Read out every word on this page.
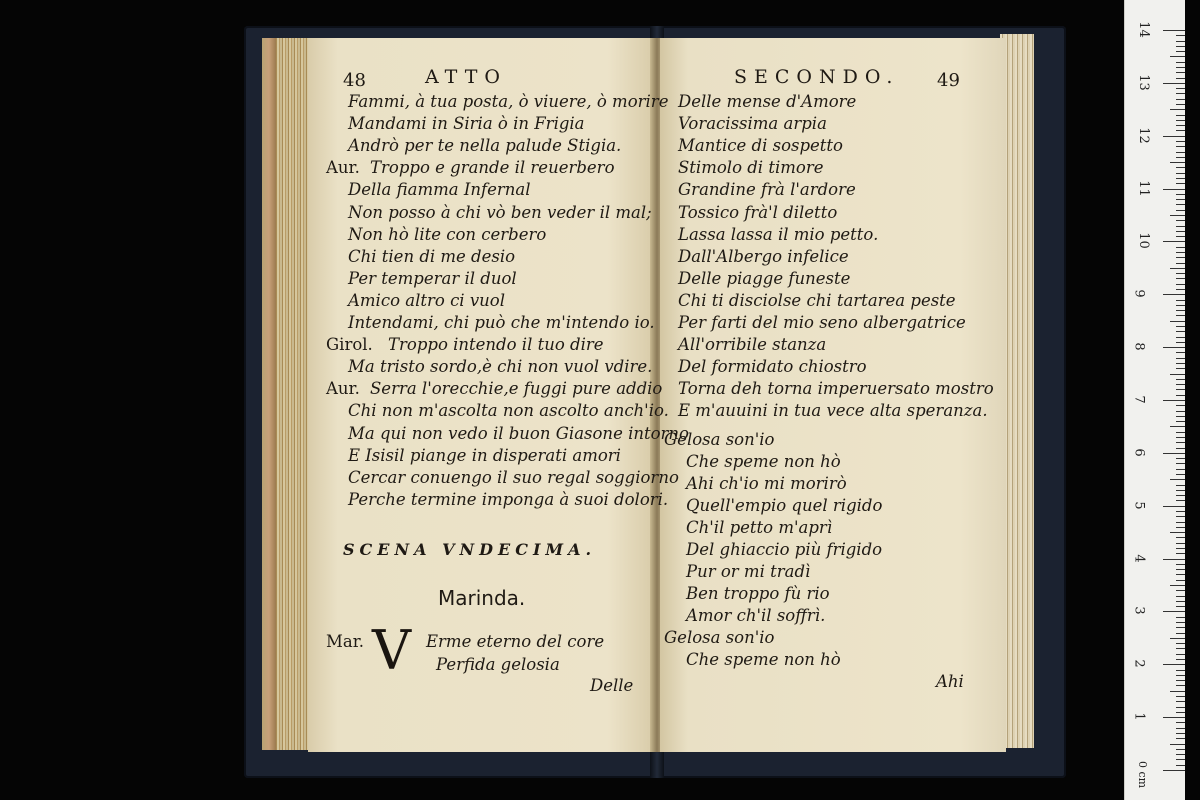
48	ATTO
Fammi, à tua posta, ò viuere, ò morire
Mandami in Siria ò in Frigia
Andrò per te nella palude Stigia.
Aur. Troppo e grande il reuerbero
Della fiamma Infernal
Non posso à chi vò ben veder il mal;
Non hò lite con cerbero
Chi tien di me desio
Per temperar il duol
Amico altro ci vuol
Intendami, chi può che m'intendo io.
Girol. Troppo intendo il tuo dire
Ma tristo sordo,è chi non vuol vdire.
Aur. Serra l'orecchie,e fuggi pure addio
Chi non m'ascolta non ascolto anch'io.
Ma qui non vedo il buon Giasone intorno
E Isisil piange in disperati amori
Cercar conuengo il suo regal soggiorno
Perche termine imponga à suoi dolori.
SECONDO. 49
Delle mense d'Amore
Voracissima arpia
Mantice di sospetto
Stimolo di timore
Grandine frà l'ardore
Tossico frà'l diletto
Lassa lassa il mio petto.
Dall'Albergo infelice
Delle piagge funeste
Chi ti disciolse chi tartarea peste
Per farti del mio seno albergatrice
All'orribile stanza
Del formidato chiostro
Torna deh torna imperuersato mostro
E m'auuini in tua vece alta speranza.
Che speme non hò
Ahi ch'io mi morirò
Quell'empio quel rigido
Ch'il petto m'aprì
Del ghiaccio più frigido
Pur or mi tradì
Ben troppo fù rio
Amor ch'il soffrì.
SCENA VNDECIMA.
Marinda.
Mar. V Erme eterno del core
Perfida gelosia
Delle
Gelosa son'io
Gelosa son'io
Che speme non hò
Ahi
0 cm
14
13
12
11
10
9
8
7
6
5
4
3
2
1
